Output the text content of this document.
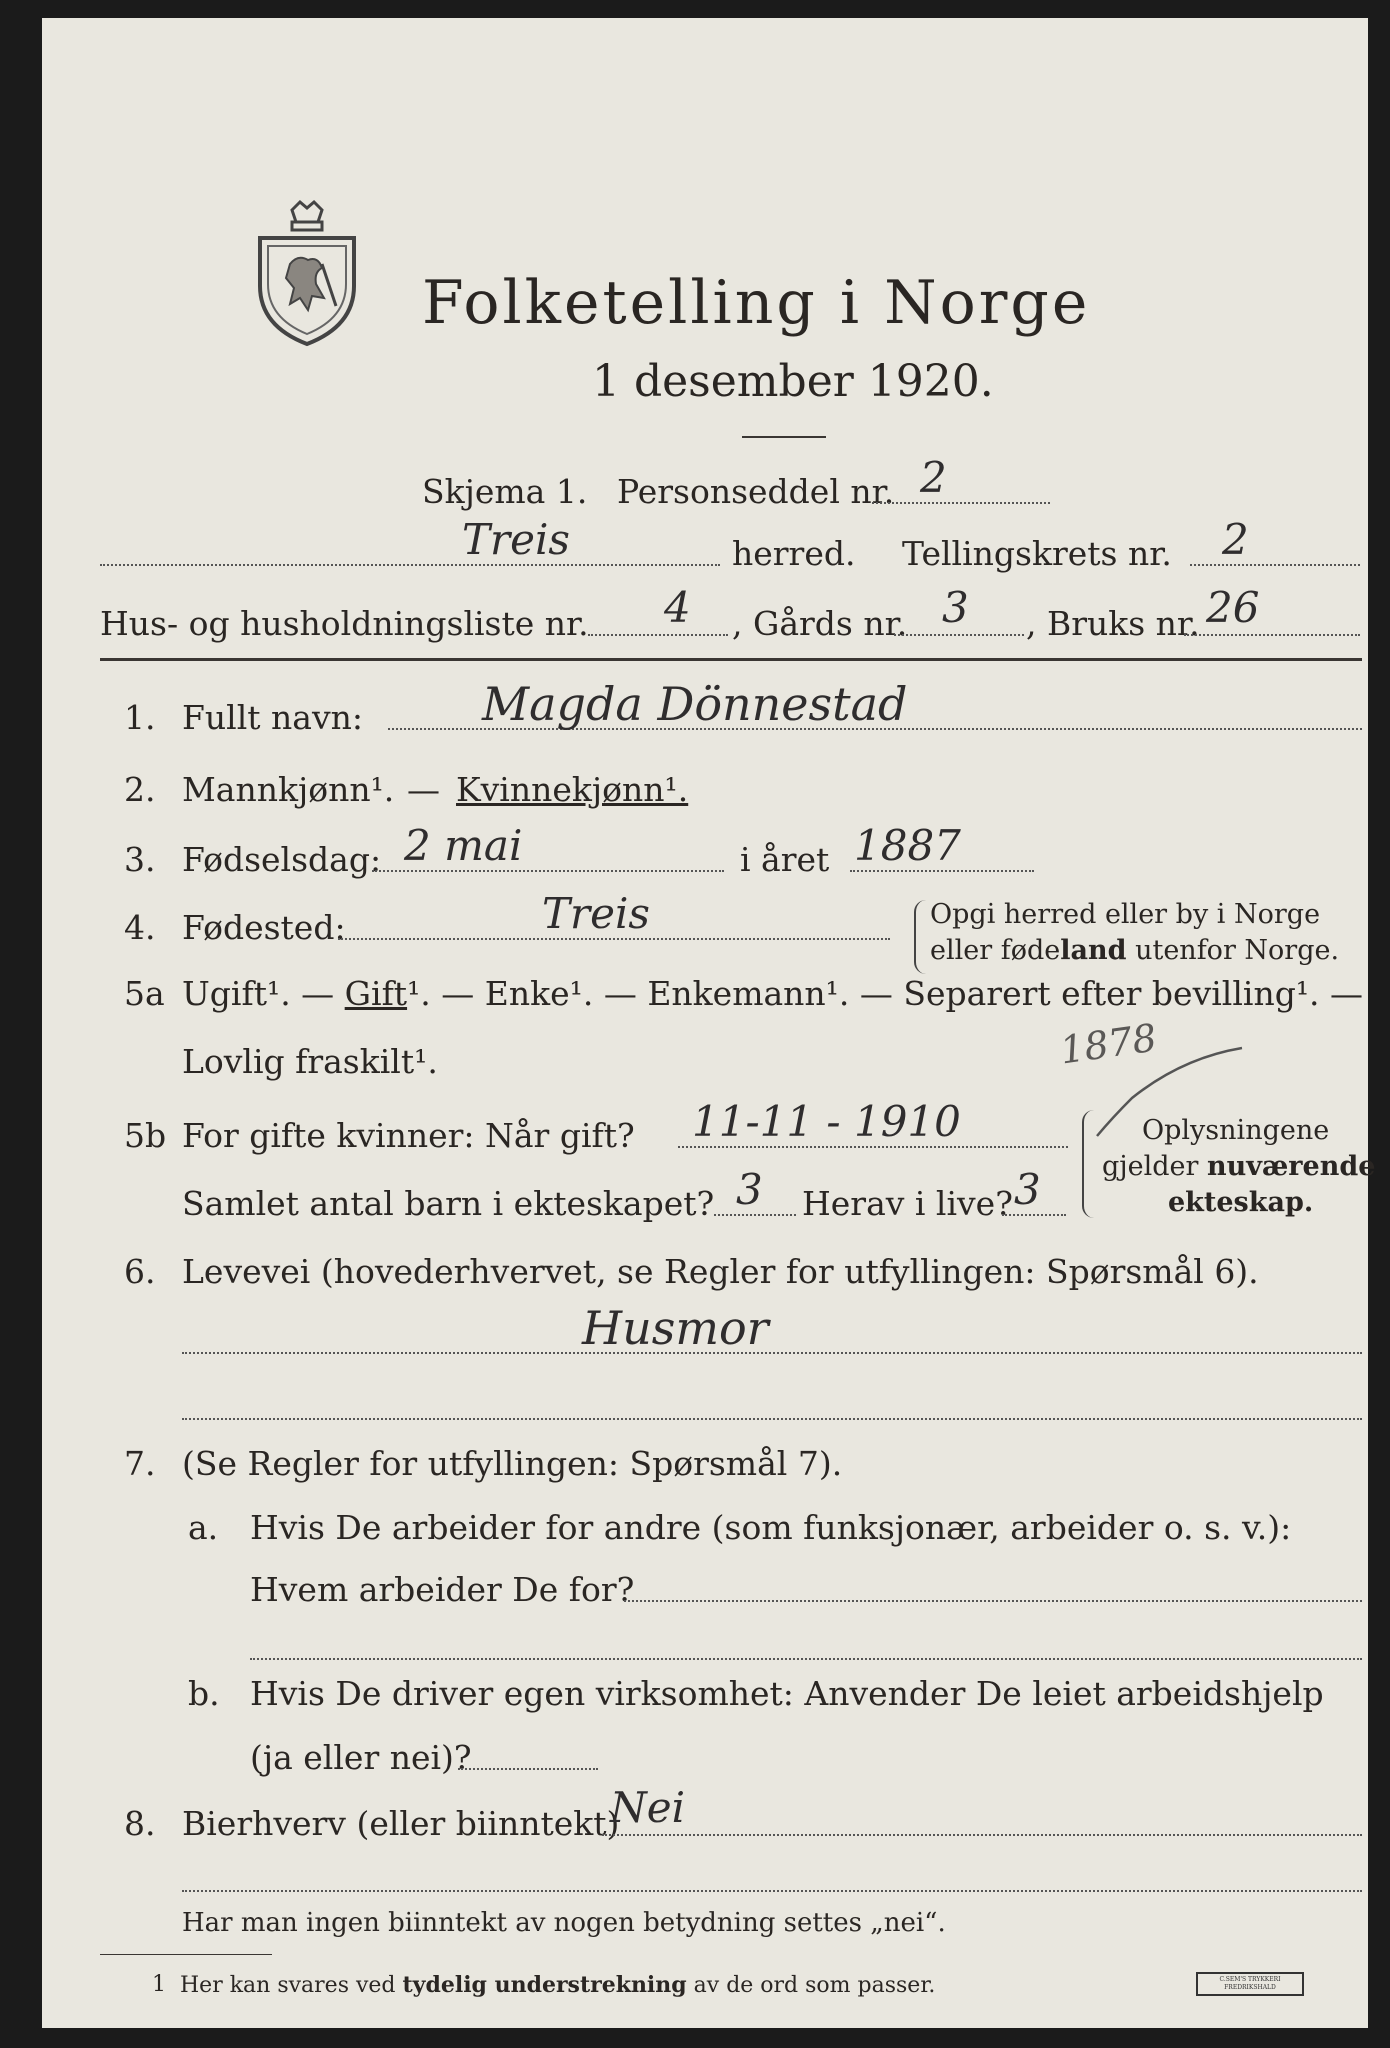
Folketelling i Norge
1 desember 1920.
Skjema 1. Personseddel nr. 2
Treis	herred. Tellingskrets nr. 2
Hus- og husholdningsliste nr. 4 , Gårds nr. 3 , Bruks nr. 26
1. Fullt navn:	Magda Dönnestad
2. Mannkjønn¹. — Kvinnekjønn¹.
3. Fødselsdag: 2 mai	i året 1887
4. Fødested:	Treis	Opgi herred eller by i Norge
eller fødeland utenfor Norge.
5a Ugift¹. — Gift¹. — Enke¹. — Enkemann¹. — Separert efter bevilling¹. —
Lovlig fraskilt¹.	1878
5b For gifte kvinner: Når gift? 11-11 - 1910
Samlet antal barn i ekteskapet? 3 Herav i live? 3
Oplysningene
gjelder nuværende
ekteskap.
6. Levevei (hovederhvervet, se Regler for utfyllingen: Spørsmål 6).
Husmor
7. (Se Regler for utfyllingen: Spørsmål 7).
a. Hvis De arbeider for andre (som funksjonær, arbeider o. s. v.):
Hvem arbeider De for?
b. Hvis De driver egen virksomhet: Anvender De leiet arbeidshjelp
(ja eller nei)?
8. Bierhverv (eller biinntekt)
Nei
Har man ingen biinntekt av nogen betydning settes „nei“.
1 Her kan svares ved tydelig understrekning av de ord som passer.	C.SEM'S TRYKKERI
FREDRIKSHALD
